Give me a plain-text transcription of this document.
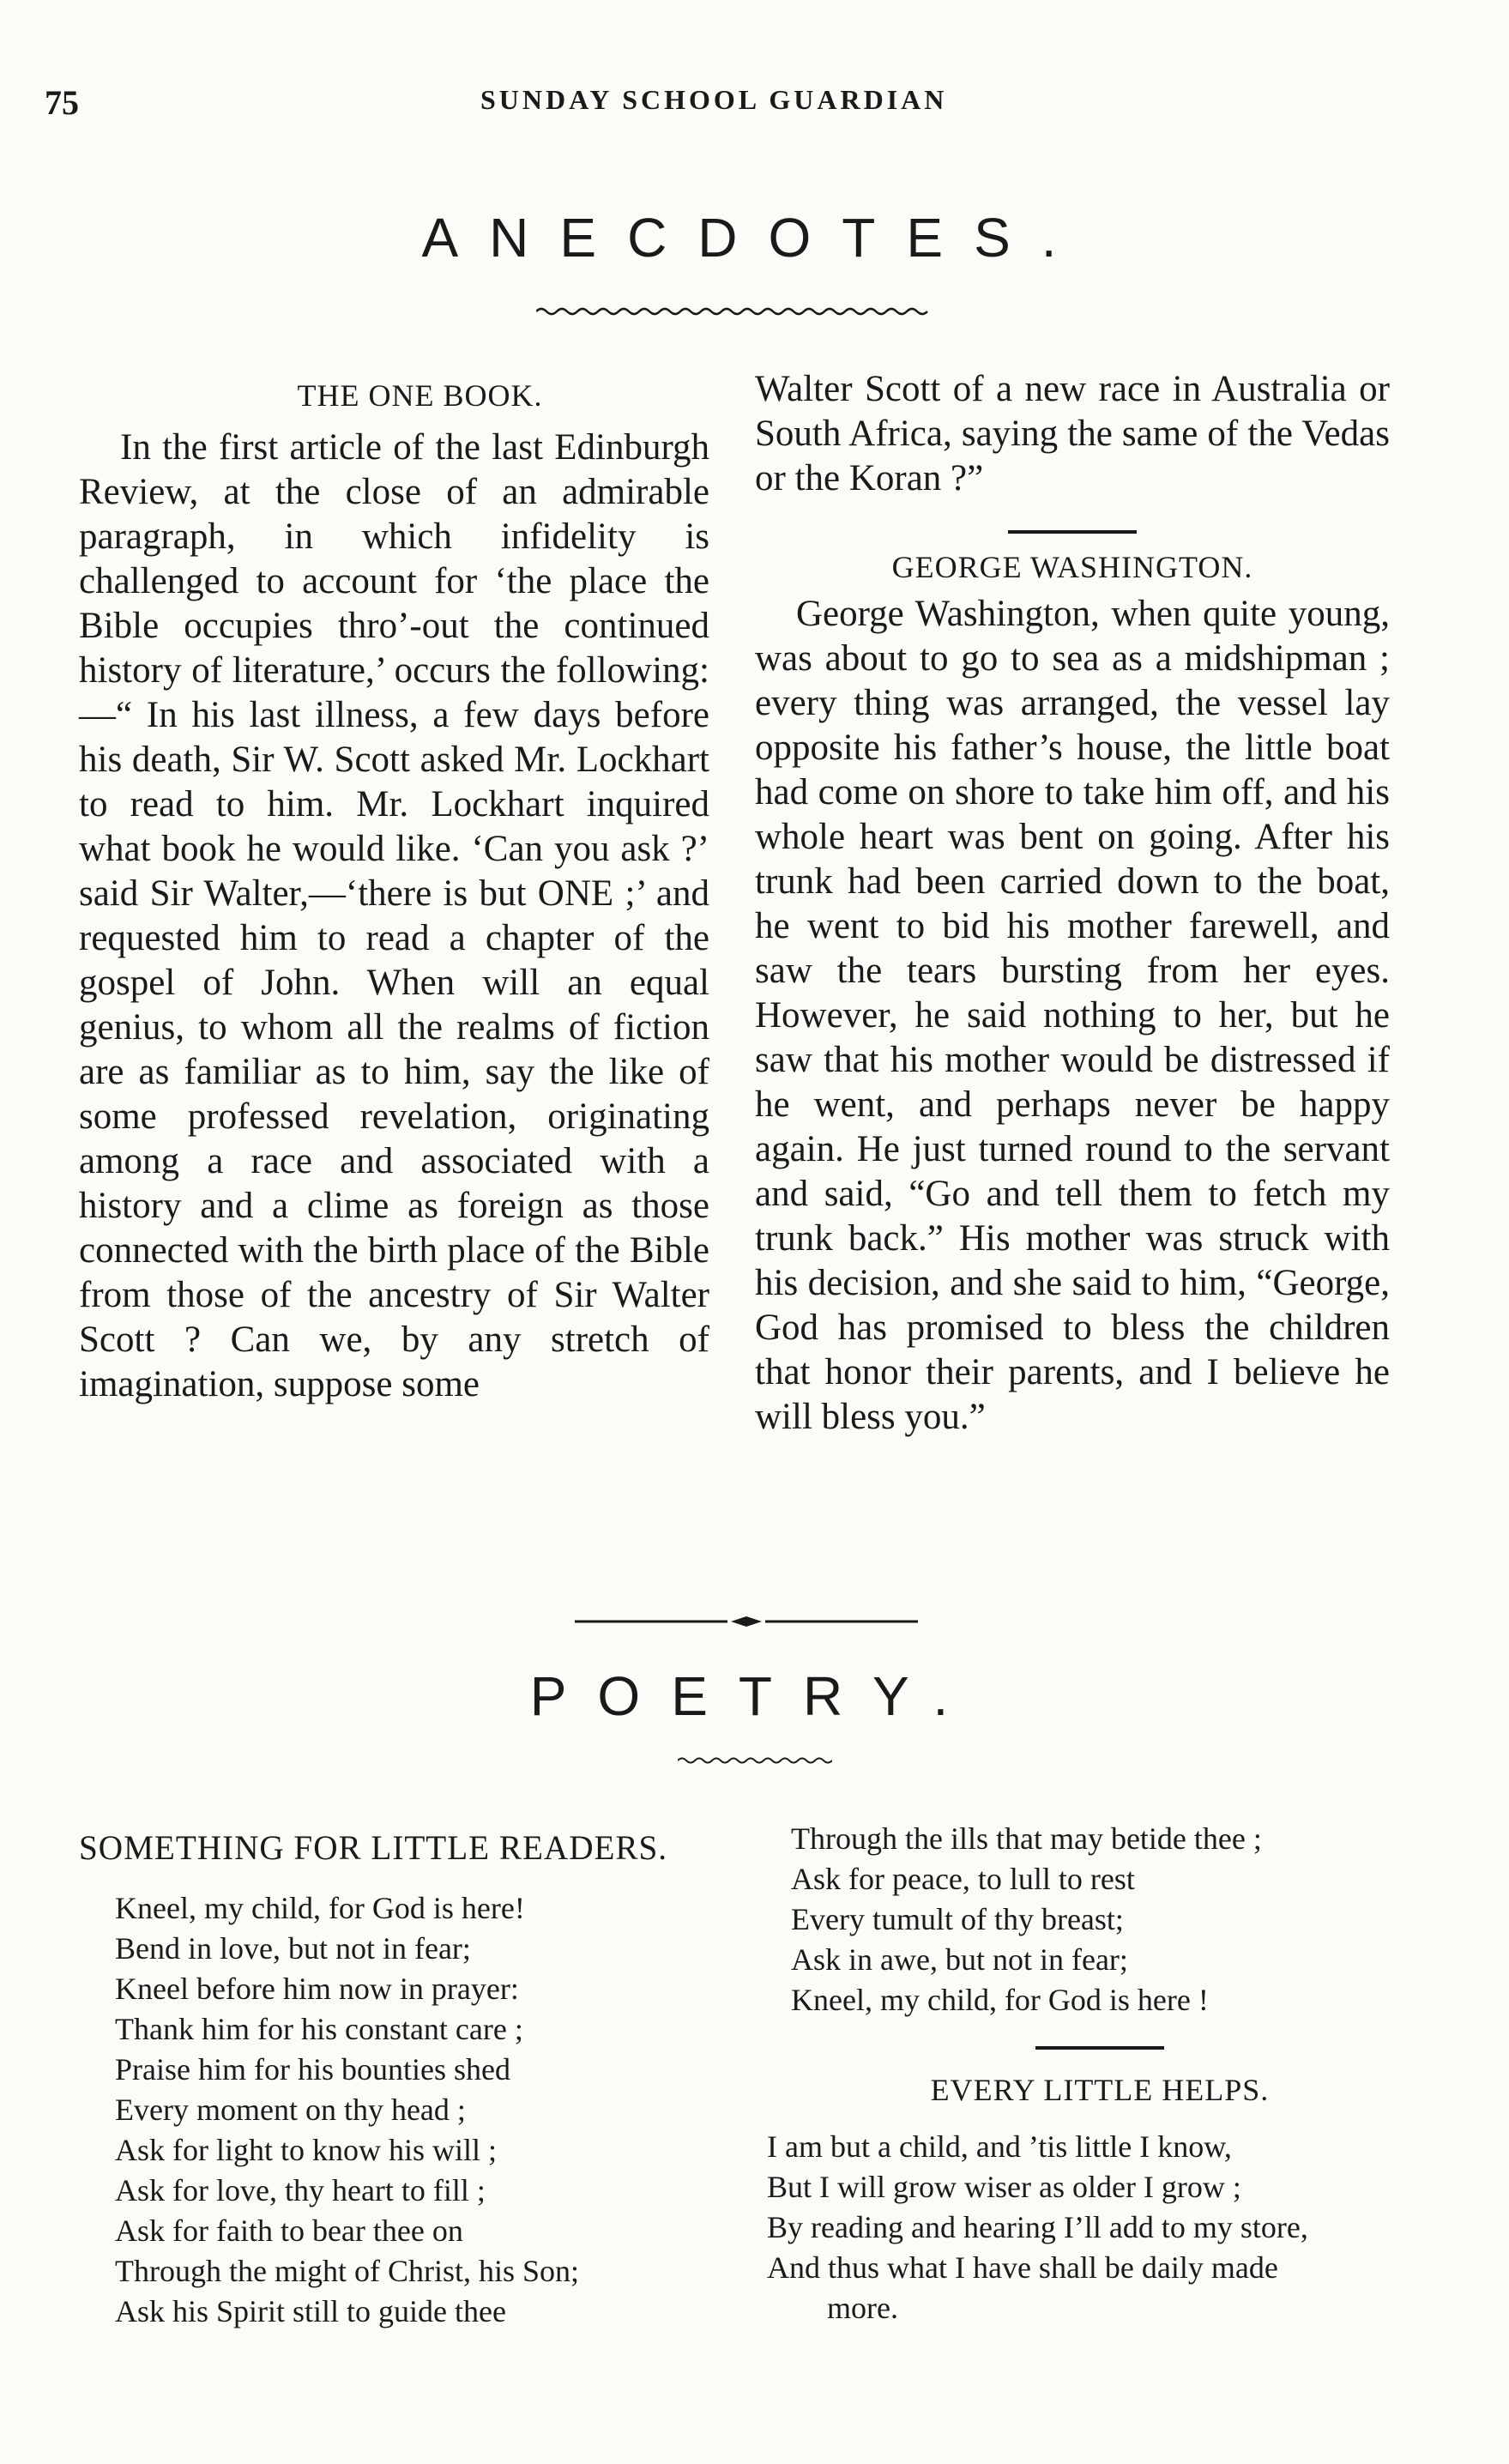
75	SUNDAY SCHOOL GUARDIAN
ANECDOTES.

THE ONE BOOK.

In the first article of the last Edinburgh Review, at the close of an admirable paragraph, in which infidelity is challenged to account for ‘the place the Bible occupies thro’-out the continued history of literature,’ occurs the following:—“ In his last illness, a few days before his death, Sir W. Scott asked Mr. Lockhart to read to him. Mr. Lockhart inquired what book he would like. ‘Can you ask ?’ said Sir Walter,—‘there is but ONE ;’ and requested him to read a chapter of the gospel of John. When will an equal genius, to whom all the realms of fiction are as familiar as to him, say the like of some professed revelation, originating among a race and associated with a history and a clime as foreign as those connected with the birth place of the Bible from those of the ancestry of Sir Walter Scott ? Can we, by any stretch of imagination, suppose some

Walter Scott of a new race in Australia or South Africa, saying the same of the Vedas or the Koran ?”

GEORGE WASHINGTON.

George Washington, when quite young, was about to go to sea as a midshipman ; every thing was arranged, the vessel lay opposite his father’s house, the little boat had come on shore to take him off, and his whole heart was bent on going. After his trunk had been carried down to the boat, he went to bid his mother farewell, and saw the tears bursting from her eyes. However, he said nothing to her, but he saw that his mother would be distressed if he went, and perhaps never be happy again. He just turned round to the servant and said, “Go and tell them to fetch my trunk back.” His mother was struck with his decision, and she said to him, “George, God has promised to bless the children that honor their parents, and I believe he will bless you.”

POETRY.
SOMETHING FOR LITTLE READERS.
Kneel, my child, for God is here!
Bend in love, but not in fear;
Kneel before him now in prayer:
Thank him for his constant care ;
Praise him for his bounties shed
Every moment on thy head ;
Ask for light to know his will ;
Ask for love, thy heart to fill ;
Ask for faith to bear thee on
Through the might of Christ, his Son;
Ask his Spirit still to guide thee
Through the ills that may betide thee ;
Ask for peace, to lull to rest
Every tumult of thy breast;
Ask in awe, but not in fear;
Kneel, my child, for God is here !
EVERY LITTLE HELPS.
I am but a child, and ’tis little I know,
But I will grow wiser as older I grow ;
By reading and hearing I’ll add to my store,
And thus what I have shall be daily made
more.
